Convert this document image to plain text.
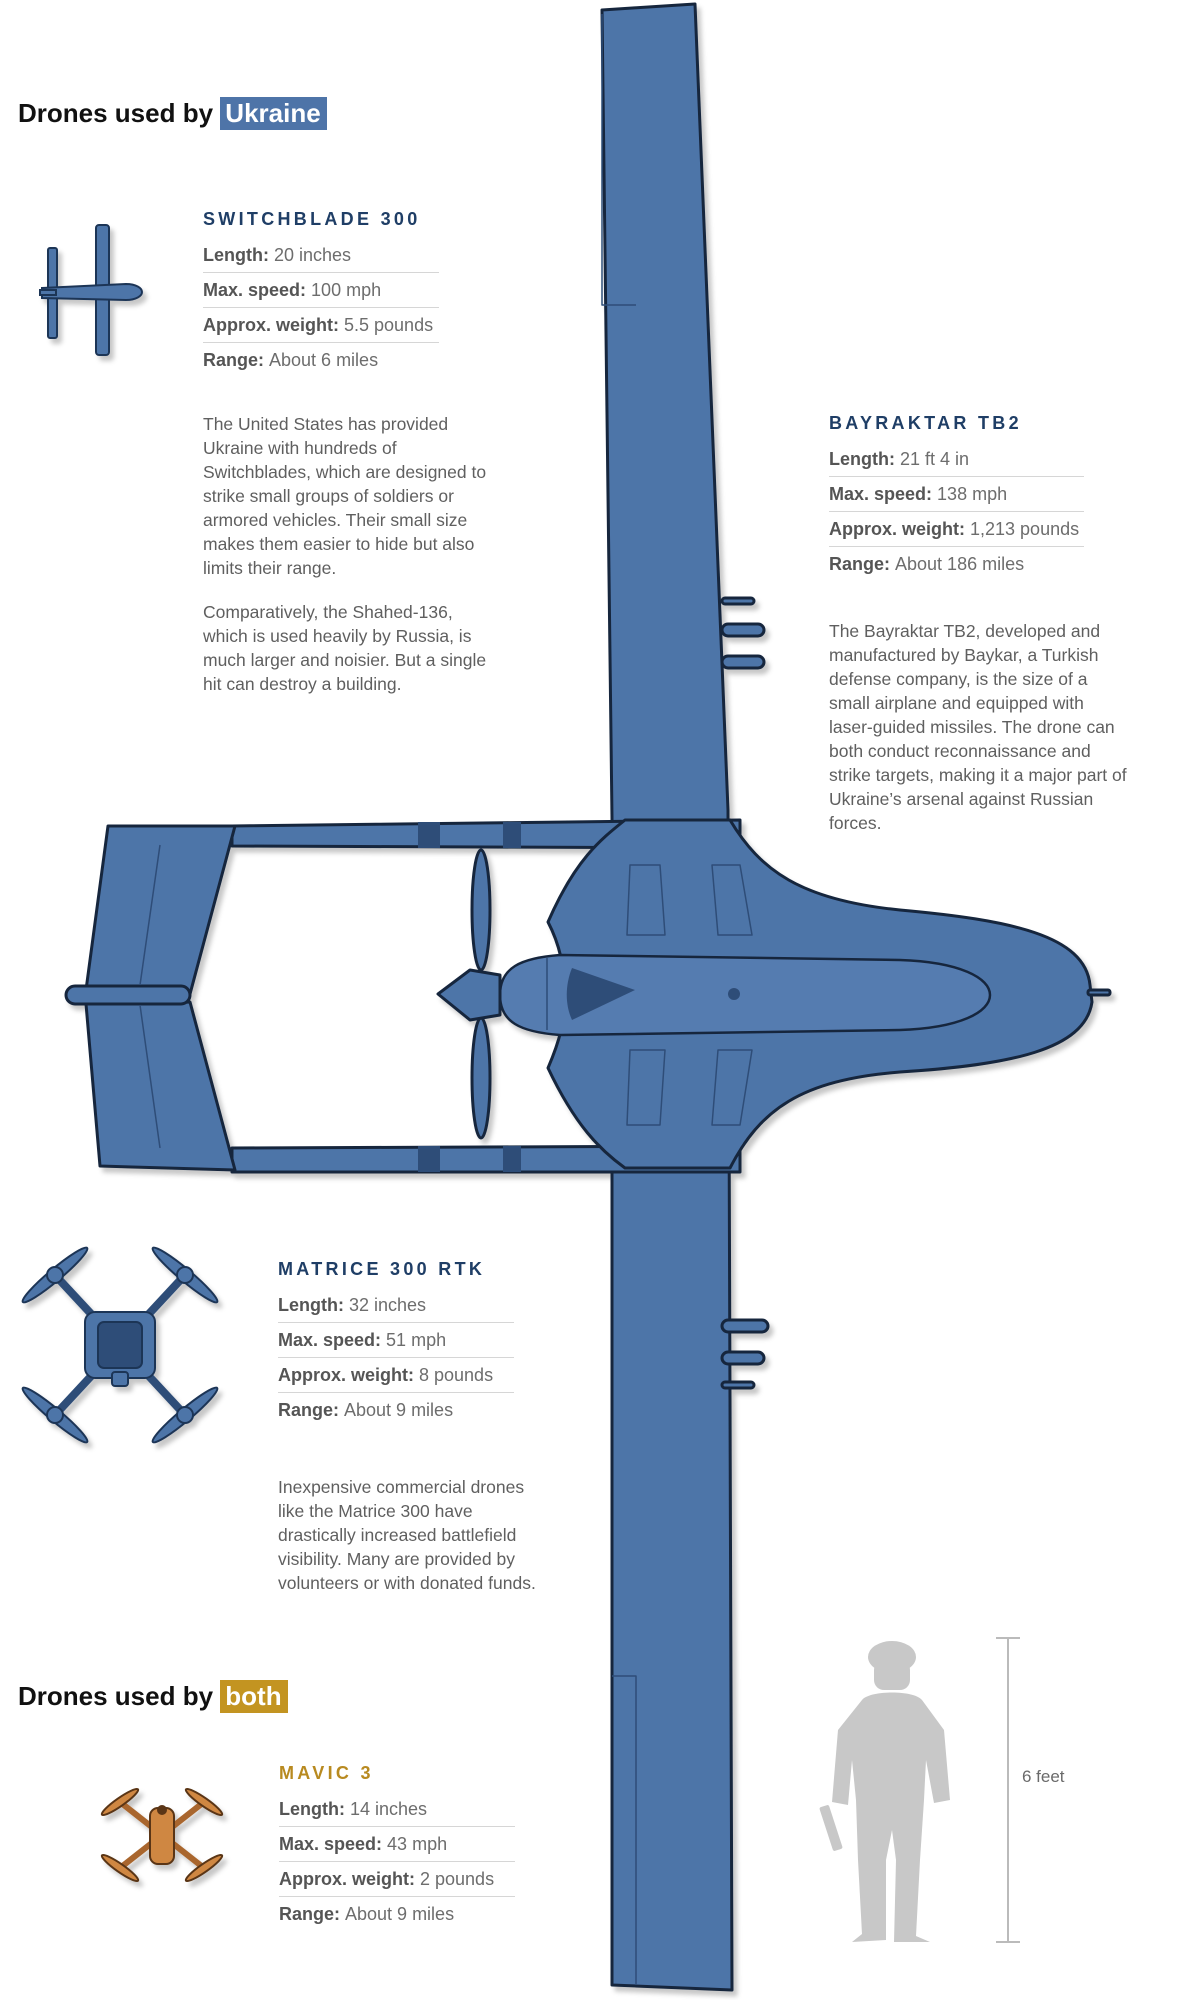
Drones used by Ukraine
Drones used by both
SWITCHBLADE 300
Length: 20 inches
Max. speed: 100 mph
Approx. weight: 5.5 pounds
Range: About 6 miles

The United States has provided Ukraine with hundreds of Switchblades, which are designed to strike small groups of soldiers or armored vehicles. Their small size makes them easier to hide but also limits their range.

Comparatively, the Shahed-136, which is used heavily by Russia, is much larger and noisier. But a single hit can destroy a building.

BAYRAKTAR TB2
Length: 21 ft 4 in
Max. speed: 138 mph
Approx. weight: 1,213 pounds
Range: About 186 miles

The Bayraktar TB2, developed and manufactured by Baykar, a Turkish defense company, is the size of a small airplane and equipped with laser-guided missiles. The drone can both conduct reconnaissance and strike targets, making it a major part of Ukraine’s arsenal against Russian forces.

MATRICE 300 RTK
Length: 32 inches
Max. speed: 51 mph
Approx. weight: 8 pounds
Range: About 9 miles

Inexpensive commercial drones like the Matrice 300 have drastically increased battlefield visibility. Many are provided by volunteers or with donated funds.

MAVIC 3
Length: 14 inches
Max. speed: 43 mph
Approx. weight: 2 pounds
Range: About 9 miles
6 feet
